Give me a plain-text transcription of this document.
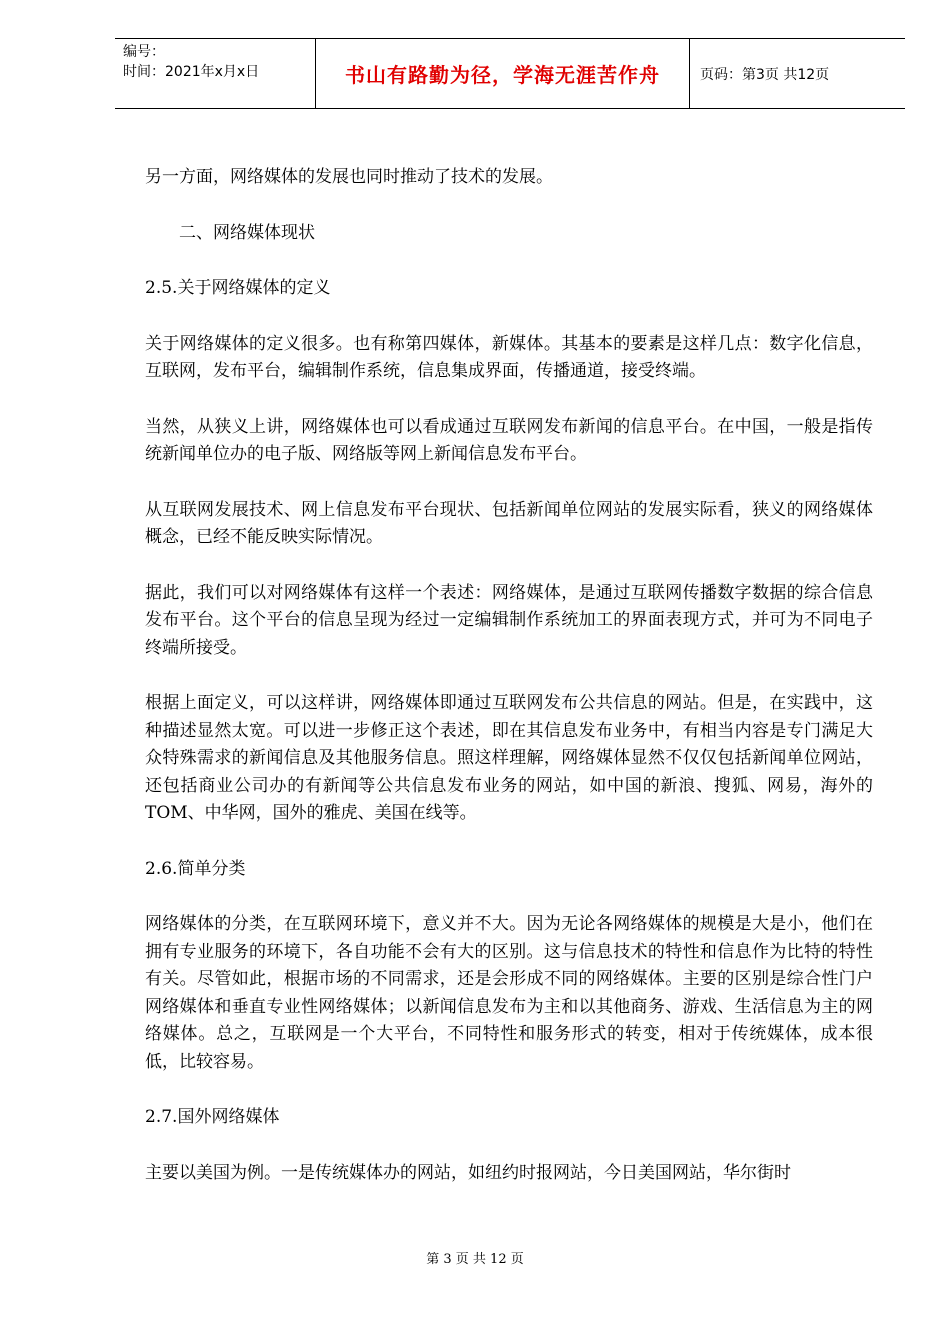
编号：
时间：2021年x月x日	书山有路勤为径，学海无涯苦作舟	页码：第3页 共12页

另一方面，网络媒体的发展也同时推动了技术的发展。

二、网络媒体现状

2.5.关于网络媒体的定义

关于网络媒体的定义很多。也有称第四媒体，新媒体。其基本的要素是这样几点：数字化信息，互联网，发布平台，编辑制作系统，信息集成界面，传播通道，接受终端。

当然，从狭义上讲，网络媒体也可以看成通过互联网发布新闻的信息平台。在中国，一般是指传统新闻单位办的电子版、网络版等网上新闻信息发布平台。

从互联网发展技术、网上信息发布平台现状、包括新闻单位网站的发展实际看，狭义的网络媒体概念，已经不能反映实际情况。

据此，我们可以对网络媒体有这样一个表述：网络媒体，是通过互联网传播数字数据的综合信息发布平台。这个平台的信息呈现为经过一定编辑制作系统加工的界面表现方式，并可为不同电子终端所接受。

根据上面定义，可以这样讲，网络媒体即通过互联网发布公共信息的网站。但是，在实践中，这种描述显然太宽。可以进一步修正这个表述，即在其信息发布业务中，有相当内容是专门满足大众特殊需求的新闻信息及其他服务信息。照这样理解，网络媒体显然不仅仅包括新闻单位网站，还包括商业公司办的有新闻等公共信息发布业务的网站，如中国的新浪、搜狐、网易，海外的TOM、中华网，国外的雅虎、美国在线等。

2.6.简单分类

网络媒体的分类，在互联网环境下，意义并不大。因为无论各网络媒体的规模是大是小，他们在拥有专业服务的环境下，各自功能不会有大的区别。这与信息技术的特性和信息作为比特的特性有关。尽管如此，根据市场的不同需求，还是会形成不同的网络媒体。主要的区别是综合性门户网络媒体和垂直专业性网络媒体；以新闻信息发布为主和以其他商务、游戏、生活信息为主的网络媒体。总之，互联网是一个大平台，不同特性和服务形式的转变，相对于传统媒体，成本很低，比较容易。

2.7.国外网络媒体

主要以美国为例。一是传统媒体办的网站，如纽约时报网站，今日美国网站，华尔街时

第 3 页 共 12 页
